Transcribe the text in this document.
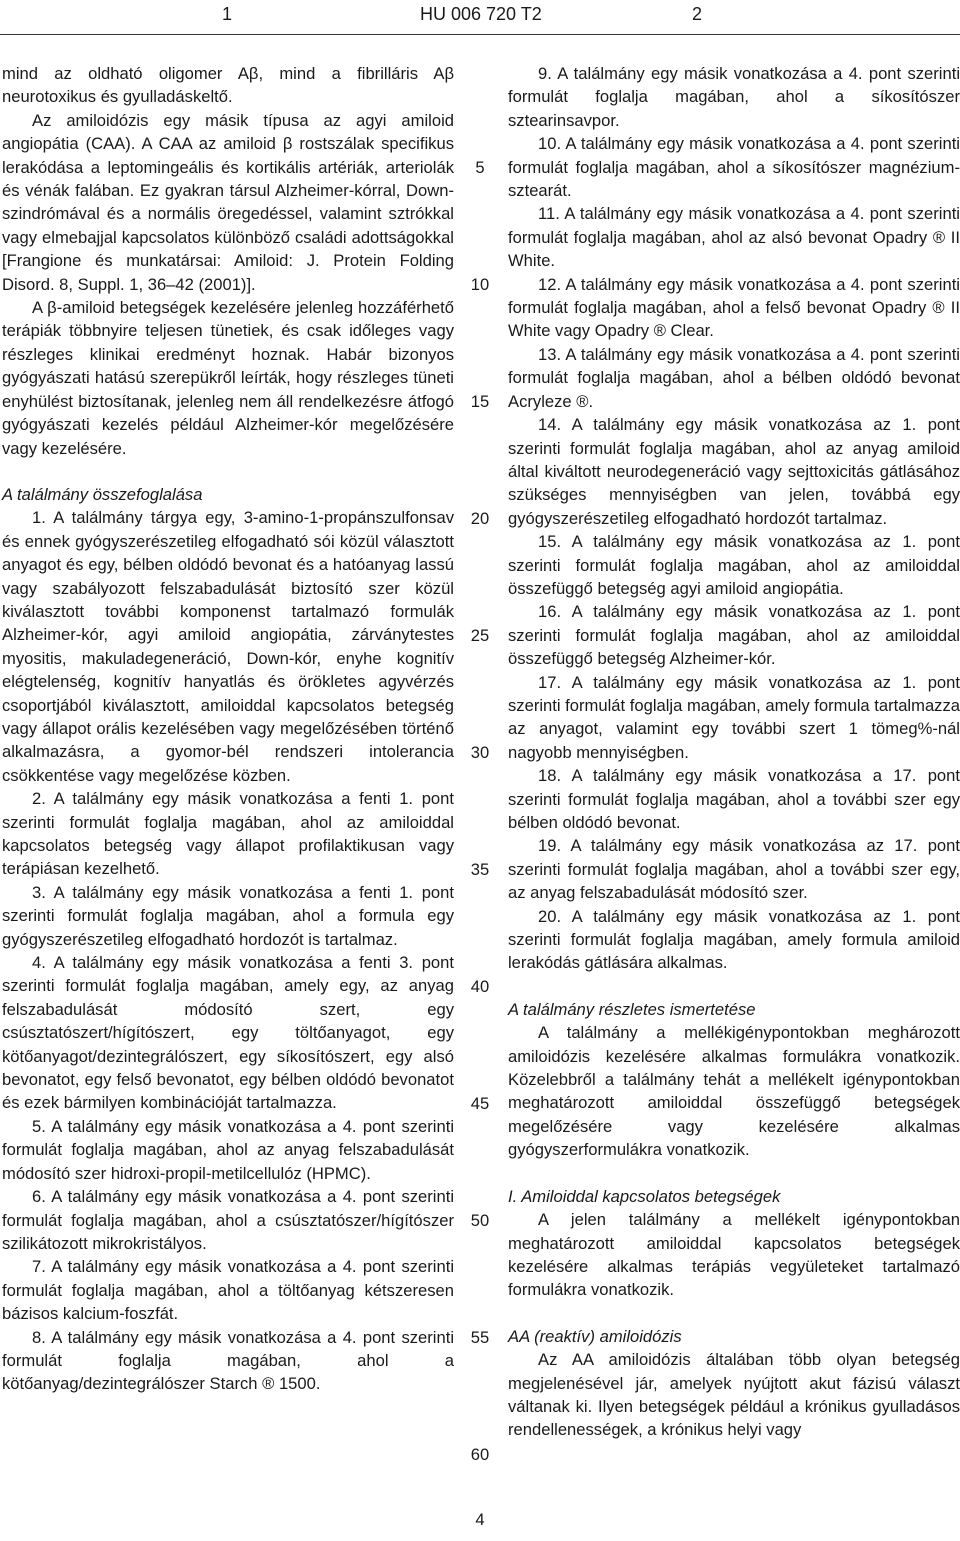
1	HU 006 720 T2	2

mind az oldható oligomer Aβ, mind a fibrilláris Aβ neurotoxikus és gyulladáskeltő.

Az amiloidózis egy másik típusa az agyi amiloid angiopátia (CAA). A CAA az amiloid β rostszálak specifikus lerakódása a leptomingeális és kortikális artériák, arteriolák és vénák falában. Ez gyakran társul Alzheimer-kórral, Down-szindrómával és a normális öregedéssel, valamint sztrókkal vagy elmebajjal kapcsolatos különböző családi adottságokkal [Frangione és munkatársai: Amiloid: J. Protein Folding Disord. 8, Suppl. 1, 36–42 (2001)].

A β-amiloid betegségek kezelésére jelenleg hozzáférhető terápiák többnyire teljesen tünetiek, és csak időleges vagy részleges klinikai eredményt hoznak. Habár bizonyos gyógyászati hatású szerepükről leírták, hogy részleges tüneti enyhülést biztosítanak, jelenleg nem áll rendelkezésre átfogó gyógyászati kezelés például Alzheimer-kór megelőzésére vagy kezelésére.

A találmány összefoglalása

1. A találmány tárgya egy, 3-amino-1-propánszulfonsav és ennek gyógyszerészetileg elfogadható sói közül választott anyagot és egy, bélben oldódó bevonat és a hatóanyag lassú vagy szabályozott felszabadulását biztosító szer közül kiválasztott további komponenst tartalmazó formulák Alzheimer-kór, agyi amiloid angiopátia, zárványtestes myositis, makuladegeneráció, Down-kór, enyhe kognitív elégtelenség, kognitív hanyatlás és örökletes agyvérzés csoportjából kiválasztott, amiloiddal kapcsolatos betegség vagy állapot orális kezelésében vagy megelőzésében történő alkalmazásra, a gyomor-bél rendszeri intolerancia csökkentése vagy megelőzése közben.

2. A találmány egy másik vonatkozása a fenti 1. pont szerinti formulát foglalja magában, ahol az amiloiddal kapcsolatos betegség vagy állapot profilaktikusan vagy terápiásan kezelhető.

3. A találmány egy másik vonatkozása a fenti 1. pont szerinti formulát foglalja magában, ahol a formula egy gyógyszerészetileg elfogadható hordozót is tartalmaz.

4. A találmány egy másik vonatkozása a fenti 3. pont szerinti formulát foglalja magában, amely egy, az anyag felszabadulását módosító szert, egy csúsztatószert/hígítószert, egy töltőanyagot, egy kötőanyagot/dezintegrálószert, egy síkosítószert, egy alsó bevonatot, egy felső bevonatot, egy bélben oldódó bevonatot és ezek bármilyen kombinációját tartalmazza.

5. A találmány egy másik vonatkozása a 4. pont szerinti formulát foglalja magában, ahol az anyag felszabadulását módosító szer hidroxi-propil-metilcellulóz (HPMC).

6. A találmány egy másik vonatkozása a 4. pont szerinti formulát foglalja magában, ahol a csúsztatószer/hígítószer szilikátozott mikrokristályos.

7. A találmány egy másik vonatkozása a 4. pont szerinti formulát foglalja magában, ahol a töltőanyag kétszeresen bázisos kalcium-foszfát.

8. A találmány egy másik vonatkozása a 4. pont szerinti formulát foglalja magában, ahol a kötőanyag/dezintegrálószer Starch ® 1500.

9. A találmány egy másik vonatkozása a 4. pont szerinti formulát foglalja magában, ahol a síkosítószer sztearinsavpor.

10. A találmány egy másik vonatkozása a 4. pont szerinti formulát foglalja magában, ahol a síkosítószer magnézium-sztearát.

11. A találmány egy másik vonatkozása a 4. pont szerinti formulát foglalja magában, ahol az alsó bevonat Opadry ® II White.

12. A találmány egy másik vonatkozása a 4. pont szerinti formulát foglalja magában, ahol a felső bevonat Opadry ® II White vagy Opadry ® Clear.

13. A találmány egy másik vonatkozása a 4. pont szerinti formulát foglalja magában, ahol a bélben oldódó bevonat Acryleze ®.

14. A találmány egy másik vonatkozása az 1. pont szerinti formulát foglalja magában, ahol az anyag amiloid által kiváltott neurodegeneráció vagy sejttoxicitás gátlásához szükséges mennyiségben van jelen, továbbá egy gyógyszerészetileg elfogadható hordozót tartalmaz.

15. A találmány egy másik vonatkozása az 1. pont szerinti formulát foglalja magában, ahol az amiloiddal összefüggő betegség agyi amiloid angiopátia.

16. A találmány egy másik vonatkozása az 1. pont szerinti formulát foglalja magában, ahol az amiloiddal összefüggő betegség Alzheimer-kór.

17. A találmány egy másik vonatkozása az 1. pont szerinti formulát foglalja magában, amely formula tartalmazza az anyagot, valamint egy további szert 1 tömeg%-nál nagyobb mennyiségben.

18. A találmány egy másik vonatkozása a 17. pont szerinti formulát foglalja magában, ahol a további szer egy bélben oldódó bevonat.

19. A találmány egy másik vonatkozása az 17. pont szerinti formulát foglalja magában, ahol a további szer egy, az anyag felszabadulását módosító szer.

20. A találmány egy másik vonatkozása az 1. pont szerinti formulát foglalja magában, amely formula amiloid lerakódás gátlására alkalmas.

A találmány részletes ismertetése

A találmány a mellékigénypontokban meghározott amiloidózis kezelésére alkalmas formulákra vonatkozik. Közelebbről a találmány tehát a mellékelt igénypontokban meghatározott amiloiddal összefüggő betegségek megelőzésére vagy kezelésére alkalmas gyógyszerformulákra vonatkozik.

I. Amiloiddal kapcsolatos betegségek

A jelen találmány a mellékelt igénypontokban meghatározott amiloiddal kapcsolatos betegségek kezelésére alkalmas terápiás vegyületeket tartalmazó formulákra vonatkozik.

AA (reaktív) amiloidózis

Az AA amiloidózis általában több olyan betegség megjelenésével jár, amelyek nyújtott akut fázisú választ váltanak ki. Ilyen betegségek például a krónikus gyulladásos rendellenességek, a krónikus helyi vagy

5
10
15
20
25
30
35
40
45
50
55
60
4
